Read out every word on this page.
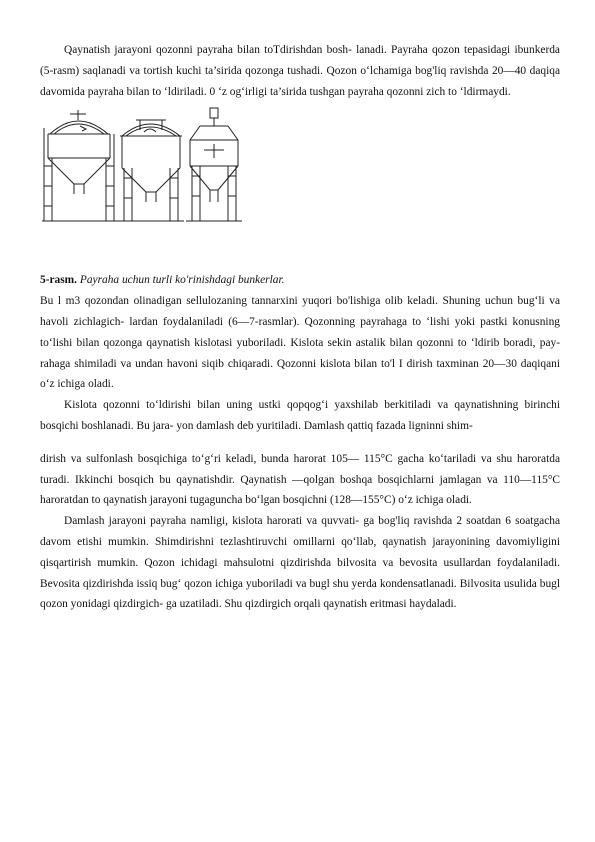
Qaynatish jarayoni qozonni payraha bilan toTdirishdan bosh- lanadi. Payraha qozon tepasidagi ibunkerda (5-rasm) saqlanadi va tortish kuchi ta’sirida qozonga tushadi. Qozon o‘lchamiga bog'liq ravishda 20—40 daqiqa davomida payraha bilan to ‘ldiriladi. 0 ‘z og‘irligi ta’sirida tushgan payraha qozonni zich to ‘ldirmaydi.

5-rasm. Payraha uchun turli ko'rinishdagi bunkerlar.

Bu l m3 qozondan olinadigan sellulozaning tannarxini yuqori bo'lishiga olib keladi. Shuning uchun bug‘li va havoli zichlagich- lardan foydalaniladi (6—7-rasmlar). Qozonning payrahaga to ‘lishi yoki pastki konusning to‘lishi bilan qozonga qaynatish kislotasi yuboriladi. Kislota sekin astalik bilan qozonni to ‘ldirib boradi, pay- rahaga shimiladi va undan havoni siqib chiqaradi. Qozonni kislota bilan to'l I dirish taxminan 20—30 daqiqani o‘z ichiga oladi.

Kislota qozonni to‘ldirishi bilan uning ustki qopqog‘i yaxshilab berkitiladi va qaynatishning birinchi bosqichi boshlanadi. Bu jara- yon damlash deb yuritiladi. Damlash qattiq fazada ligninni shim-

dirish va sulfonlash bosqichiga to‘g‘ri keladi, bunda harorat 105— 115°C gacha ko‘tariladi va shu haroratda turadi. Ikkinchi bosqich bu qaynatishdir. Qaynatish —qolgan boshqa bosqichlarni jamlagan va 110—115°C haroratdan to qaynatish jarayoni tugaguncha bo‘lgan bosqichni (128—155°C) o‘z ichiga oladi.

Damlash jarayoni payraha namligi, kislota harorati va quvvati- ga bog'liq ravishda 2 soatdan 6 soatgacha davom etishi mumkin. Shimdirishni tezlashtiruvchi omillarni qo‘llab, qaynatish jarayonining davomiyligini qisqartirish mumkin. Qozon ichidagi mahsulotni qizdirishda bilvosita va bevosita usullardan foydalaniladi. Bevosita qizdirishda issiq bug‘ qozon ichiga yuboriladi va bugl shu yerda kondensatlanadi. Bilvosita usulida bugl qozon yonidagi qizdirgich- ga uzatiladi. Shu qizdirgich orqali qaynatish eritmasi haydaladi.
